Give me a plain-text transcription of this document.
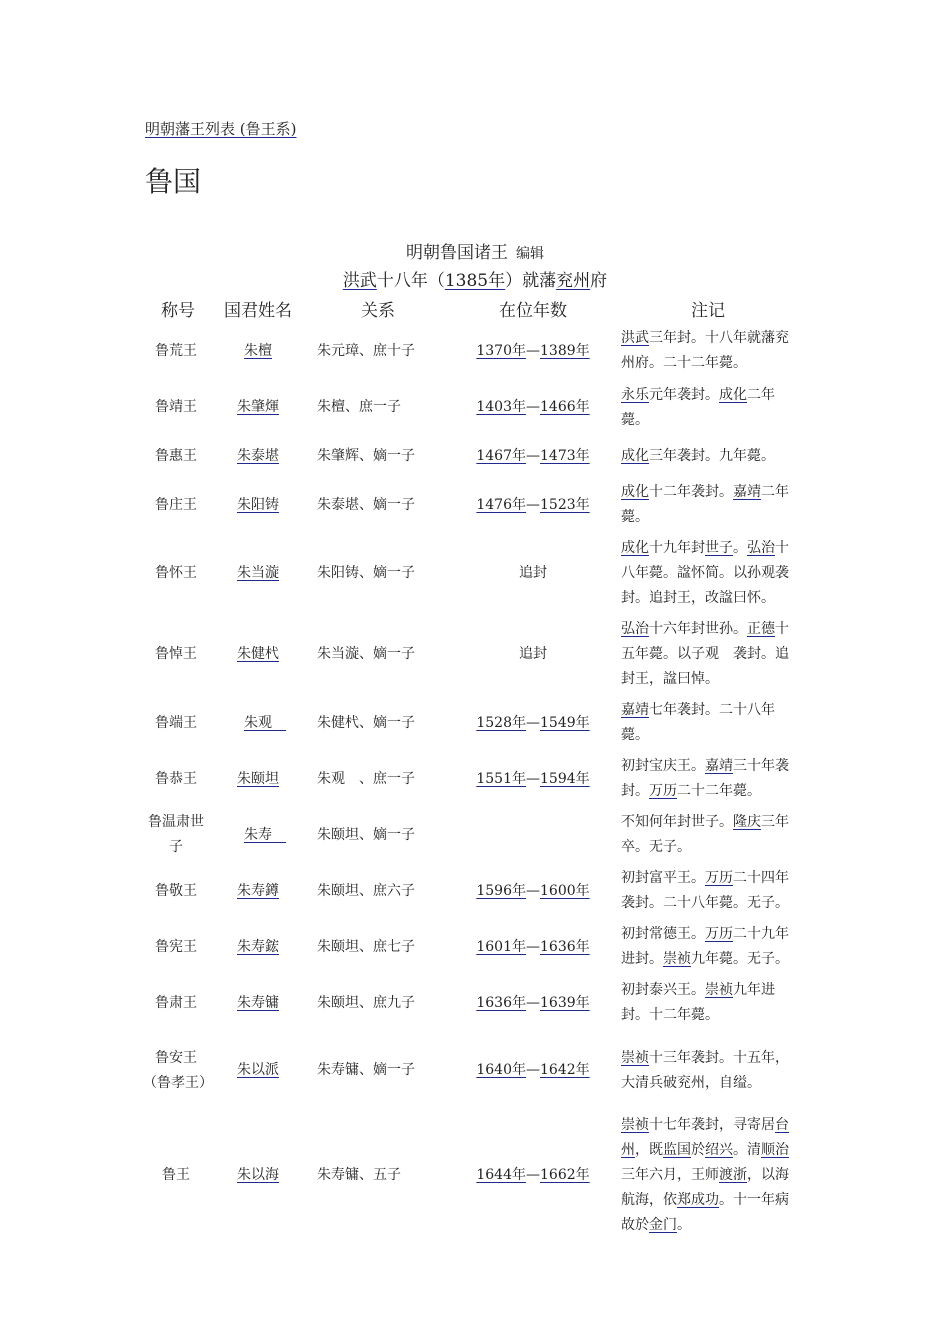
明朝藩王列表 (鲁王系)
鲁国
明朝鲁国诸王 编辑
洪武十八年（1385年）就藩兖州府
称号	国君姓名	关系	在位年数	注记
鲁荒王	朱檀	朱元璋、庶十子	1370年—1389年	洪武三年封。十八年就藩兖州府。二十二年薨。
鲁靖王	朱肇煇	朱檀、庶一子	1403年—1466年	永乐元年袭封。成化二年薨。
鲁惠王	朱泰堪	朱肇辉、嫡一子	1467年—1473年	成化三年袭封。九年薨。
鲁庄王	朱阳铸	朱泰堪、嫡一子	1476年—1523年	成化十二年袭封。嘉靖二年薨。
鲁怀王	朱当漩	朱阳铸、嫡一子	追封	成化十九年封世子。弘治十八年薨。諡怀简。以孙观袭封。追封王，改諡曰怀。
鲁悼王	朱健杙	朱当漩、嫡一子	追封	弘治十六年封世孙。正德十五年薨。以子观　袭封。追封王，諡曰悼。
鲁端王	朱观　	朱健杙、嫡一子	1528年—1549年	嘉靖七年袭封。二十八年薨。
鲁恭王	朱颐坦	朱观　、庶一子	1551年—1594年	初封宝庆王。嘉靖三十年袭封。万历二十二年薨。
鲁温肃世子	朱寿　	朱颐坦、嫡一子		不知何年封世子。隆庆三年卒。无子。
鲁敬王	朱寿鐏	朱颐坦、庶六子	1596年—1600年	初封富平王。万历二十四年袭封。二十八年薨。无子。
鲁宪王	朱寿鋐	朱颐坦、庶七子	1601年—1636年	初封常德王。万历二十九年进封。崇祯九年薨。无子。
鲁肃王	朱寿镛	朱颐坦、庶九子	1636年—1639年	初封泰兴王。崇祯九年进封。十二年薨。
鲁安王（鲁孝王）	朱以派	朱寿镛、嫡一子	1640年—1642年	崇祯十三年袭封。十五年，大清兵破兖州，自缢。
鲁王	朱以海	朱寿镛、五子	1644年—1662年	崇祯十七年袭封，寻寄居台州，既监国於绍兴。清顺治三年六月，王师渡浙，以海航海，依郑成功。十一年病故於金门。
